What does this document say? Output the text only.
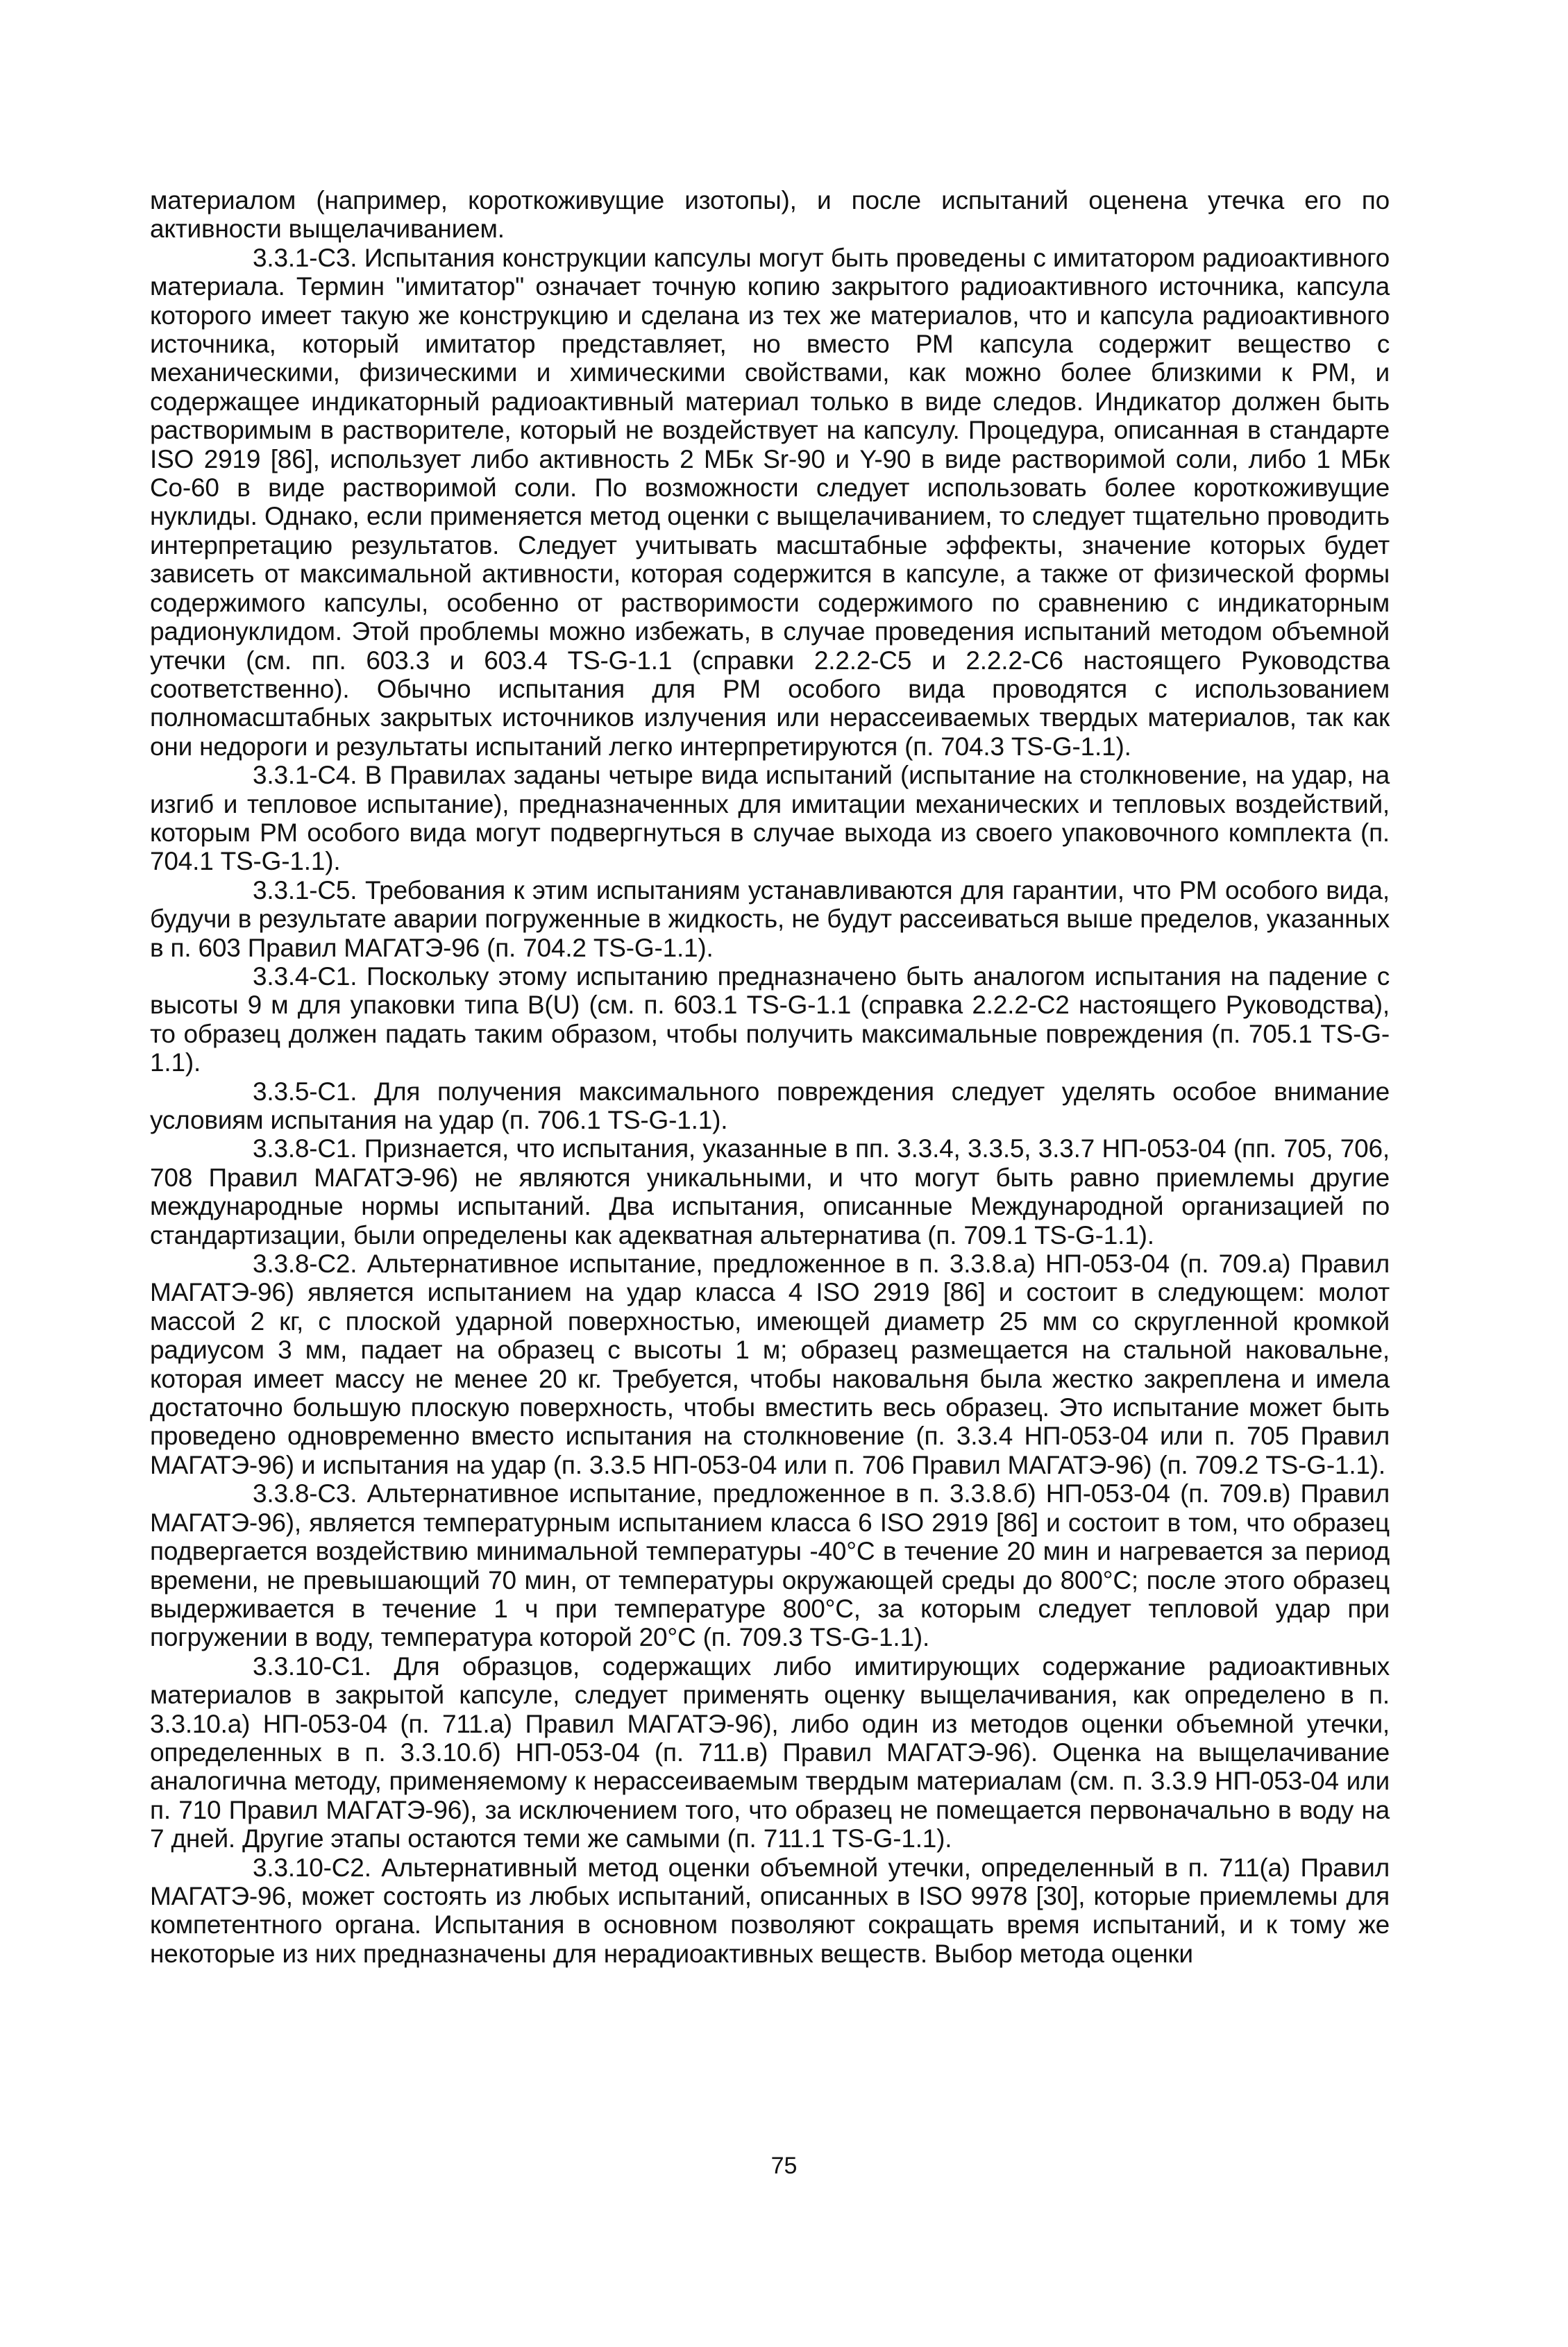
материалом (например, короткоживущие изотопы), и после испытаний оценена утечка его по активности выщелачиванием.

3.3.1-С3. Испытания конструкции капсулы могут быть проведены с имитатором радиоактивного материала. Термин "имитатор" означает точную копию закрытого радиоактивного источника, капсула которого имеет такую же конструкцию и сделана из тех же материалов, что и капсула радиоактивного источника, который имитатор представляет, но вместо РМ капсула содержит вещество с механическими, физическими и химическими свойствами, как можно более близкими к РМ, и содержащее индикаторный радиоактивный материал только в виде следов. Индикатор должен быть растворимым в растворителе, который не воздействует на капсулу. Процедура, описанная в стандарте ISO 2919 [86], использует либо активность 2 МБк Sr-90 и Y-90 в виде растворимой соли, либо 1 МБк Со-60 в виде растворимой соли. По возможности следует использовать более короткоживущие нуклиды. Однако, если применяется метод оценки с выщелачиванием, то следует тщательно проводить интерпретацию результатов. Следует учитывать масштабные эффекты, значение которых будет зависеть от максимальной активности, которая содержится в капсуле, а также от физической формы содержимого капсулы, особенно от растворимости содержимого по сравнению с индикаторным радионуклидом. Этой проблемы можно избежать, в случае проведения испытаний методом объемной утечки (см. пп. 603.3 и 603.4 TS-G-1.1 (справки 2.2.2-С5 и 2.2.2-С6 настоящего Руководства соответственно). Обычно испытания для РМ особого вида проводятся с использованием полномасштабных закрытых источников излучения или нерассеиваемых твердых материалов, так как они недороги и результаты испытаний легко интерпретируются (п. 704.3 TS-G-1.1).

3.3.1-С4. В Правилах заданы четыре вида испытаний (испытание на столкновение, на удар, на изгиб и тепловое испытание), предназначенных для имитации механических и тепловых воздействий, которым РМ особого вида могут подвергнуться в случае выхода из своего упаковочного комплекта (п. 704.1 TS-G-1.1).

3.3.1-С5. Требования к этим испытаниям устанавливаются для гарантии, что РМ особого вида, будучи в результате аварии погруженные в жидкость, не будут рассеиваться выше пределов, указанных в п. 603 Правил МАГАТЭ-96 (п. 704.2 TS-G-1.1).

3.3.4-С1. Поскольку этому испытанию предназначено быть аналогом испытания на падение с высоты 9 м для упаковки типа В(U) (см. п. 603.1 TS-G-1.1 (справка 2.2.2-С2 настоящего Руководства), то образец должен падать таким образом, чтобы получить максимальные повреждения (п. 705.1 TS-G-1.1).

3.3.5-С1. Для получения максимального повреждения следует уделять особое внимание условиям испытания на удар (п. 706.1 TS-G-1.1).

3.3.8-С1. Признается, что испытания, указанные в пп. 3.3.4, 3.3.5, 3.3.7 НП-053-04 (пп. 705, 706, 708 Правил МАГАТЭ-96) не являются уникальными, и что могут быть равно приемлемы другие международные нормы испытаний. Два испытания, описанные Международной организацией по стандартизации, были определены как адекватная альтернатива (п. 709.1 TS-G-1.1).

3.3.8-С2. Альтернативное испытание, предложенное в п. 3.3.8.а) НП-053-04 (п. 709.а) Правил МАГАТЭ-96) является испытанием на удар класса 4 ISO 2919 [86] и состоит в следующем: молот массой 2 кг, с плоской ударной поверхностью, имеющей диаметр 25 мм со скругленной кромкой радиусом 3 мм, падает на образец с высоты 1 м; образец размещается на стальной наковальне, которая имеет массу не менее 20 кг. Требуется, чтобы наковальня была жестко закреплена и имела достаточно большую плоскую поверхность, чтобы вместить весь образец. Это испытание может быть проведено одновременно вместо испытания на столкновение (п. 3.3.4 НП-053-04 или п. 705 Правил МАГАТЭ-96) и испытания на удар (п. 3.3.5 НП-053-04 или п. 706 Правил МАГАТЭ-96) (п. 709.2 TS-G-1.1).

3.3.8-С3. Альтернативное испытание, предложенное в п. 3.3.8.б) НП-053-04 (п. 709.в) Правил МАГАТЭ-96), является температурным испытанием класса 6 ISO 2919 [86] и состоит в том, что образец подвергается воздействию минимальной температуры -40°С в течение 20 мин и нагревается за период времени, не превышающий 70 мин, от температуры окружающей среды до 800°С; после этого образец выдерживается в течение 1 ч при температуре 800°С, за которым следует тепловой удар при погружении в воду, температура которой 20°С (п. 709.3 TS-G-1.1).

3.3.10-С1. Для образцов, содержащих либо имитирующих содержание радиоактивных материалов в закрытой капсуле, следует применять оценку выщелачивания, как определено в п. 3.3.10.а) НП-053-04 (п. 711.а) Правил МАГАТЭ-96), либо один из методов оценки объемной утечки, определенных в п. 3.3.10.б) НП-053-04 (п. 711.в) Правил МАГАТЭ-96). Оценка на выщелачивание аналогична методу, применяемому к нерассеиваемым твердым материалам (см. п. 3.3.9 НП-053-04 или п. 710 Правил МАГАТЭ-96), за исключением того, что образец не помещается первоначально в воду на 7 дней. Другие этапы остаются теми же самыми (п. 711.1 TS-G-1.1).

3.3.10-С2. Альтернативный метод оценки объемной утечки, определенный в п. 711(а) Правил МАГАТЭ-96, может состоять из любых испытаний, описанных в ISO 9978 [30], которые приемлемы для компетентного органа. Испытания в основном позволяют сокращать время испытаний, и к тому же некоторые из них предназначены для нерадиоактивных веществ. Выбор метода оценки

75
